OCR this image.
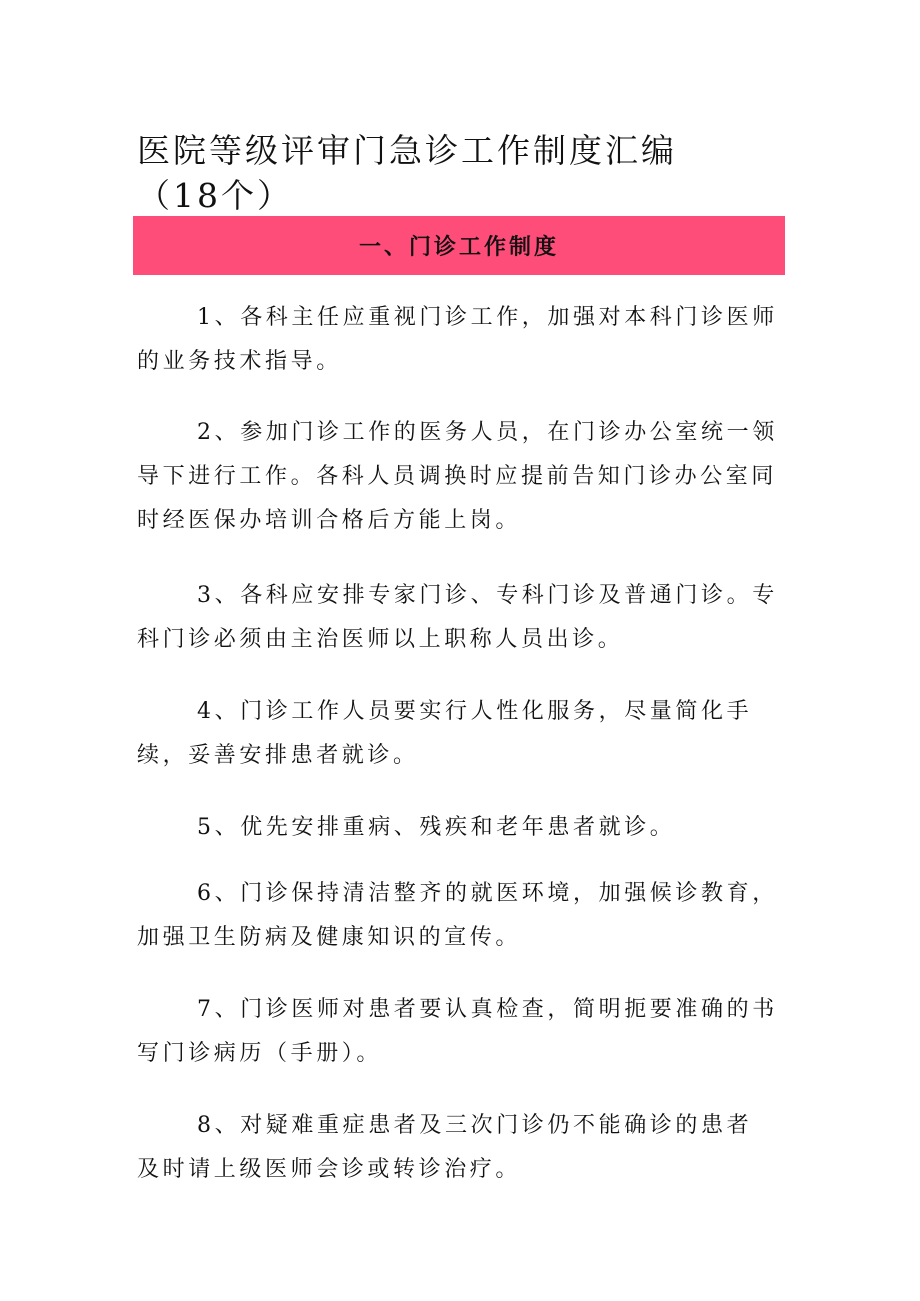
医院等级评审门急诊工作制度汇编（18个）
一、门诊工作制度

1、各科主任应重视门诊工作，加强对本科门诊医师的业务技术指导。

2、参加门诊工作的医务人员，在门诊办公室统一领导下进行工作。各科人员调换时应提前告知门诊办公室同时经医保办培训合格后方能上岗。

3、各科应安排专家门诊、专科门诊及普通门诊。专科门诊必须由主治医师以上职称人员出诊。

4、门诊工作人员要实行人性化服务，尽量简化手续，妥善安排患者就诊。

5、优先安排重病、残疾和老年患者就诊。

6、门诊保持清洁整齐的就医环境，加强候诊教育，加强卫生防病及健康知识的宣传。

7、门诊医师对患者要认真检查，简明扼要准确的书写门诊病历（手册）。

8、对疑难重症患者及三次门诊仍不能确诊的患者
及时请上级医师会诊或转诊治疗。
